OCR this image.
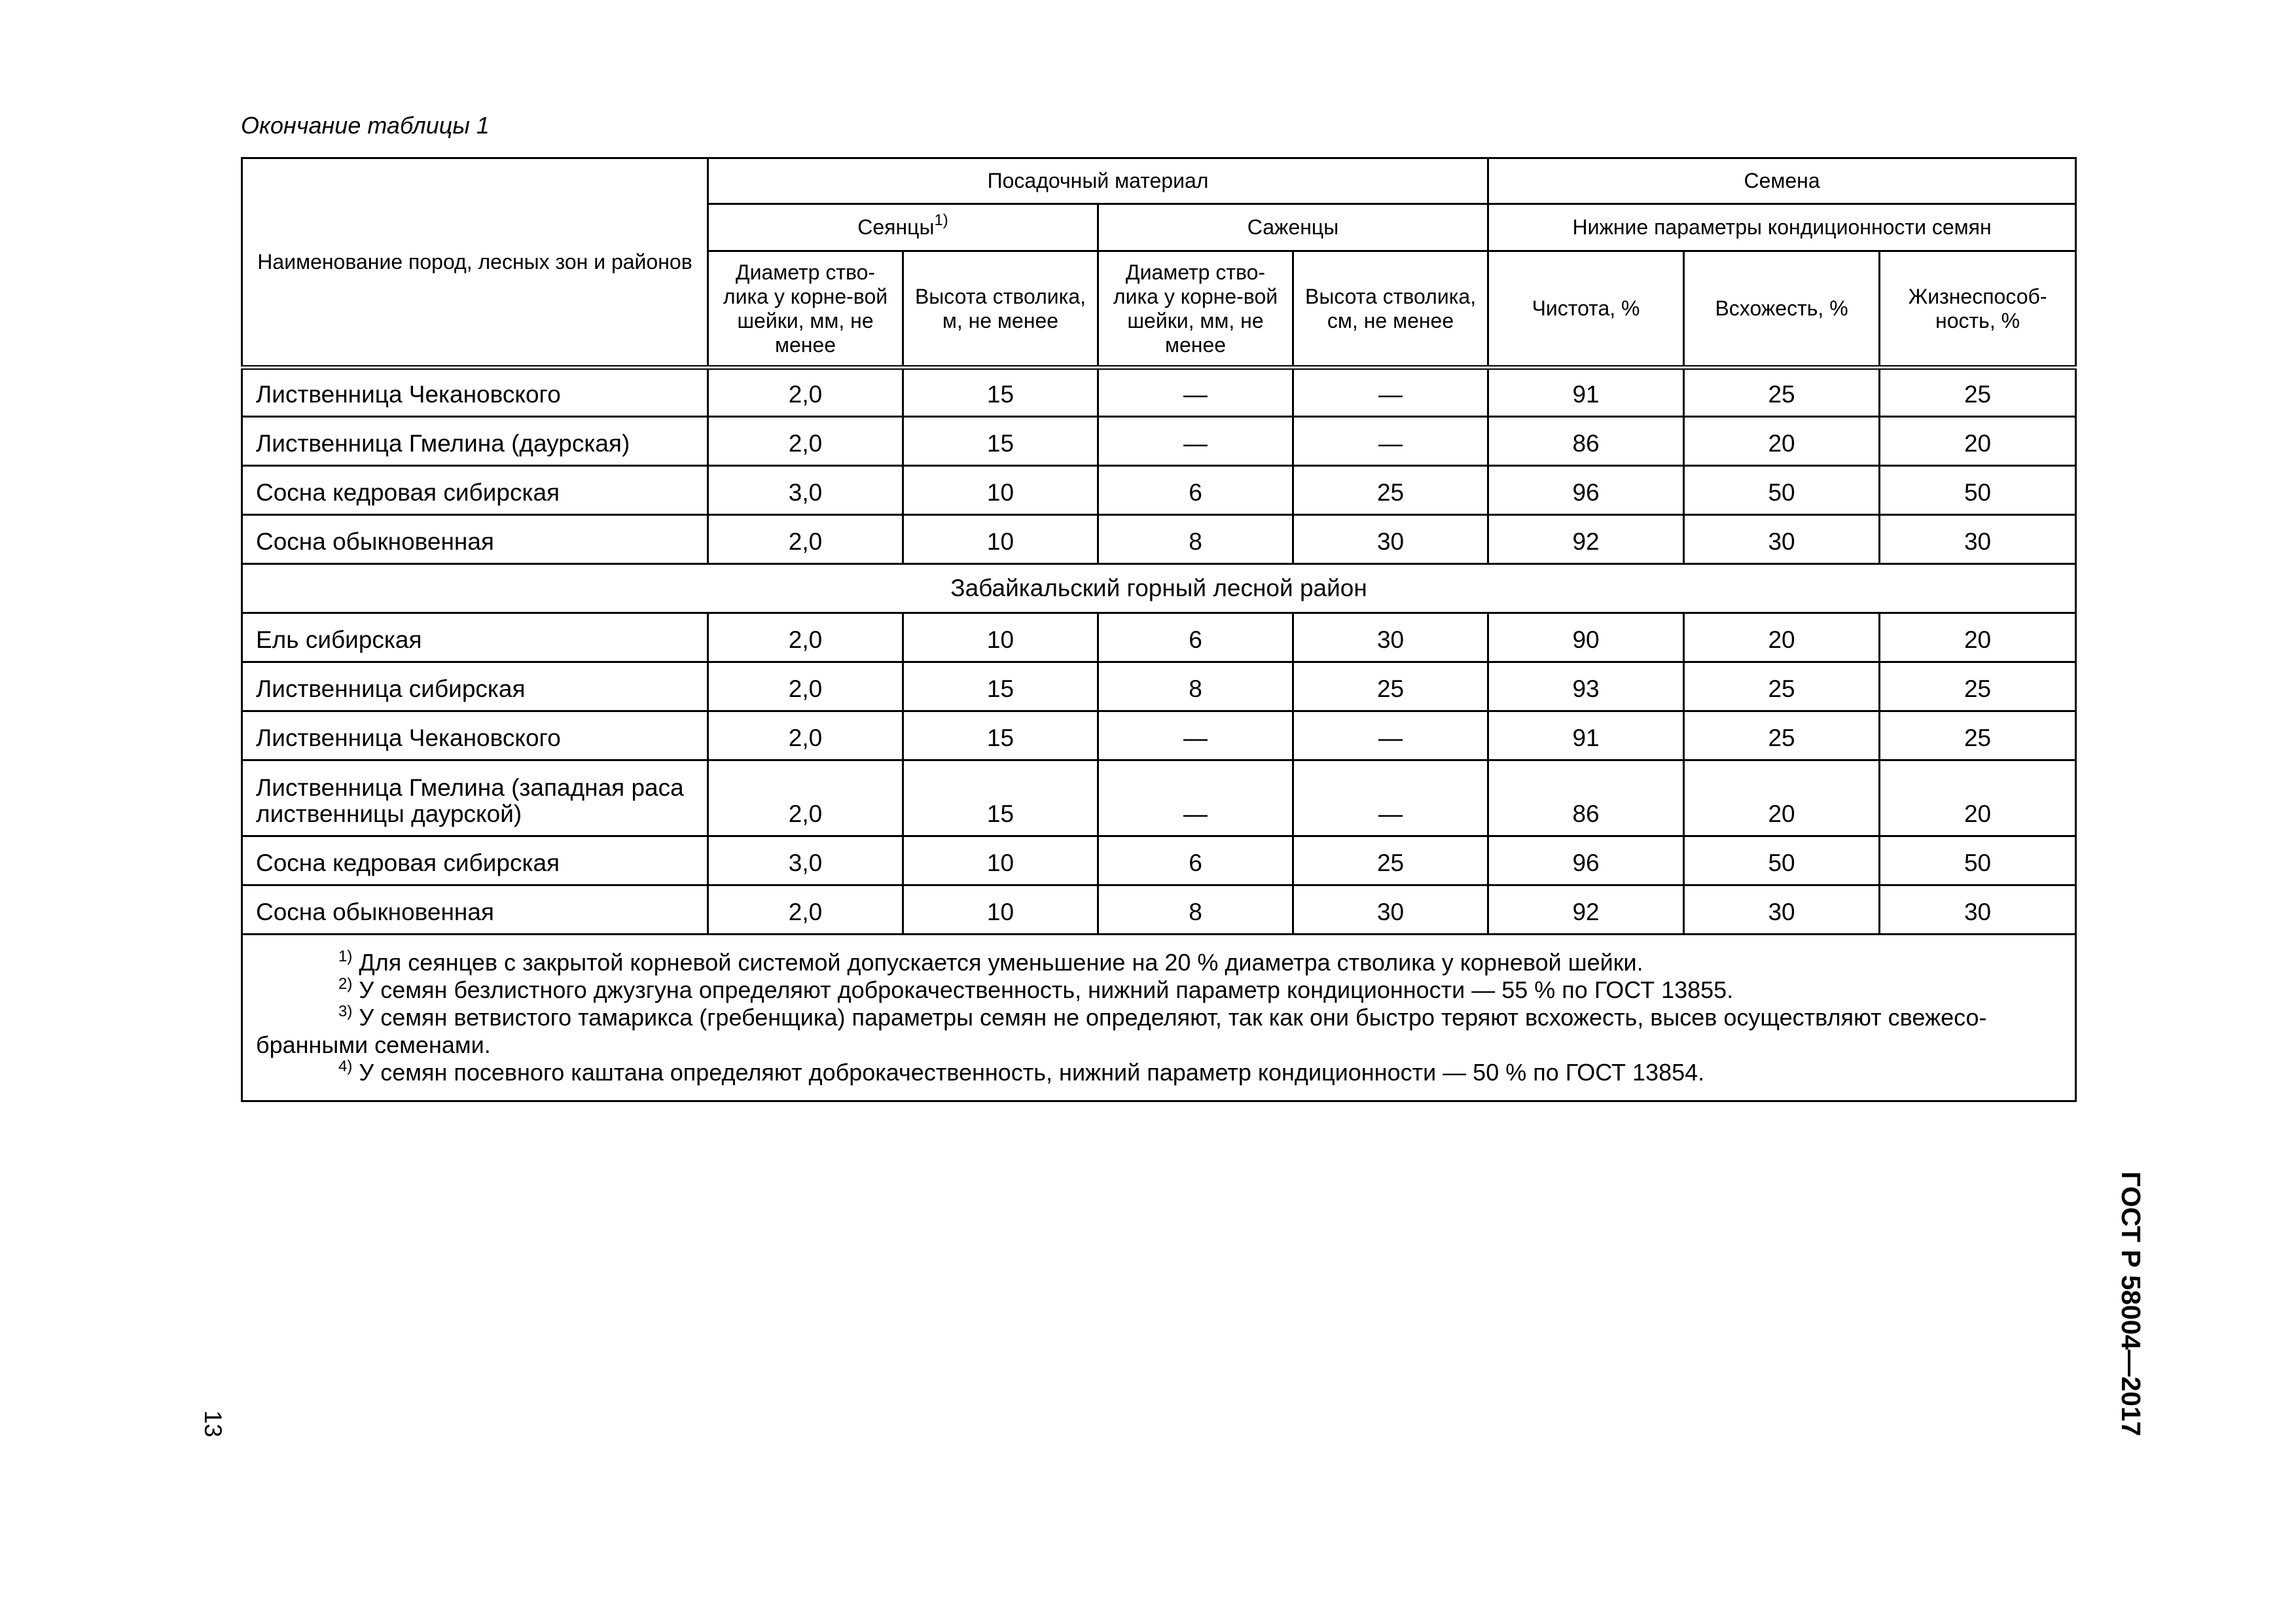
Окончание таблицы 1
Наименование пород, лесных зон и районов	Посадочный материал				Семена		
	Сеянцы$^{1)}$		Саженцы		Нижние параметры кондиционности семян		
	Диаметр ство-лика у корне-вой шейки, мм, не менее	Высота стволика, м, не менее	Диаметр ство-лика у корне-вой шейки, мм, не менее	Высота стволика, см, не менее	Чистота, %	Всхожесть, %	Жизнеспособ-ность, %
Лиственница Чекановского	2,0	15	—	—	91	25	25
Лиственница Гмелина (даурская)	2,0	15	—	—	86	20	20
Сосна кедровая сибирская	3,0	10	6	25	96	50	50
Сосна обыкновенная	2,0	10	8	30	92	30	30
Забайкальский горный лесной район							
Ель сибирская	2,0	10	6	30	90	20	20
Лиственница сибирская	2,0	15	8	25	93	25	25
Лиственница Чекановского	2,0	15	—	—	91	25	25
Лиственница Гмелина (западная раса лиственницы даурской)	2,0	15	—	—	86	20	20
Сосна кедровая сибирская	3,0	10	6	25	96	50	50
Сосна обыкновенная	2,0	10	8	30	92	30	30

$^{1)}$ Для сеянцев с закрытой корневой системой допускается уменьшение на 20 % диаметра стволика у корневой шейки.
$^{2)}$ У семян безлистного джузгуна определяют доброкачественность, нижний параметр кондиционности — 55 % по ГОСТ 13855.
$^{3)}$ У семян ветвистого тамарикса (гребенщика) параметры семян не определяют, так как они быстро теряют всхожесть, высев осуществляют свежесо-бранными семенами.
$^{4)}$ У семян посевного каштана определяют доброкачественность, нижний параметр кондиционности — 50 % по ГОСТ 13854.							
ГОСТ Р 58004—2017
13
